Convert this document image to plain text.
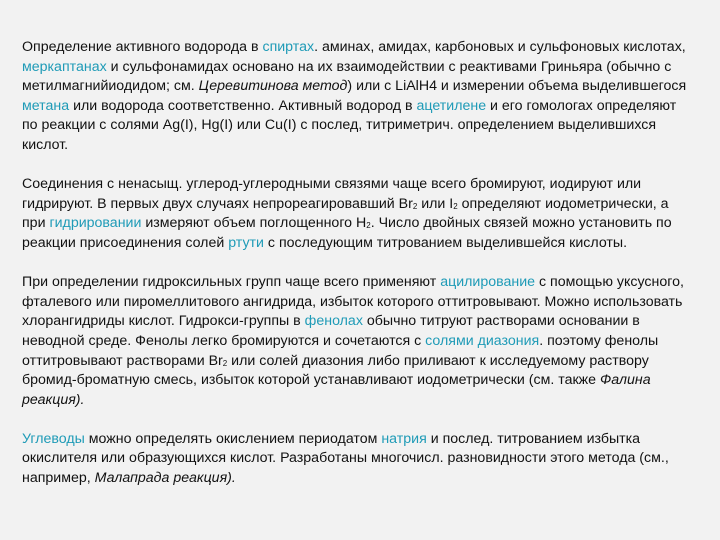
Определение активного водорода в спиртах. аминах, амидах, карбоновых и сульфоновых кислотах, меркаптанах и сульфонамидах основано на их взаимодействии с реактивами Гриньяра (обычно с метилмагнийиодидом; см. Церевитинова метод) или с LiAlH4 и измерении объема выделившегося метана или водорода соответственно. Активный водород в ацетилене и его гомологах определяют по реакции с солями Ag(I), Hg(I) или Cu(I) с послед, титриметрич. определением выделившихся кислот.

Соединения с ненасыщ. углерод-углеродными связями чаще всего бромируют, иодируют или гидрируют. В первых двух случаях непрореагировавший $Br_2$ или $I_2$ определяют иодометрически, а при гидрировании измеряют объем поглощенного $H_2$. Число двойных связей можно установить по реакции присоединения солей ртути с последующим титрованием выделившейся кислоты.

При определении гидроксильных групп чаще всего применяют ацилирование с помощью уксусного, фталевого или пиромеллитового ангидрида, избыток которого оттитровывают. Можно использовать хлорангидриды кислот. Гидрокси-группы в фенолах обычно титруют растворами основании в неводной среде. Фенолы легко бромируются и сочетаются с солями диазония. поэтому фенолы оттитровывают растворами $Br_2$ или солей диазония либо приливают к исследуемому раствору бромид-броматную смесь, избыток которой устанавливают иодометрически (см. также Фалина реакция).

Углеводы можно определять окислением периодатом натрия и послед. титрованием избытка окислителя или образующихся кислот. Разработаны многочисл. разновидности этого метода (см., например, Малапрада реакция).
